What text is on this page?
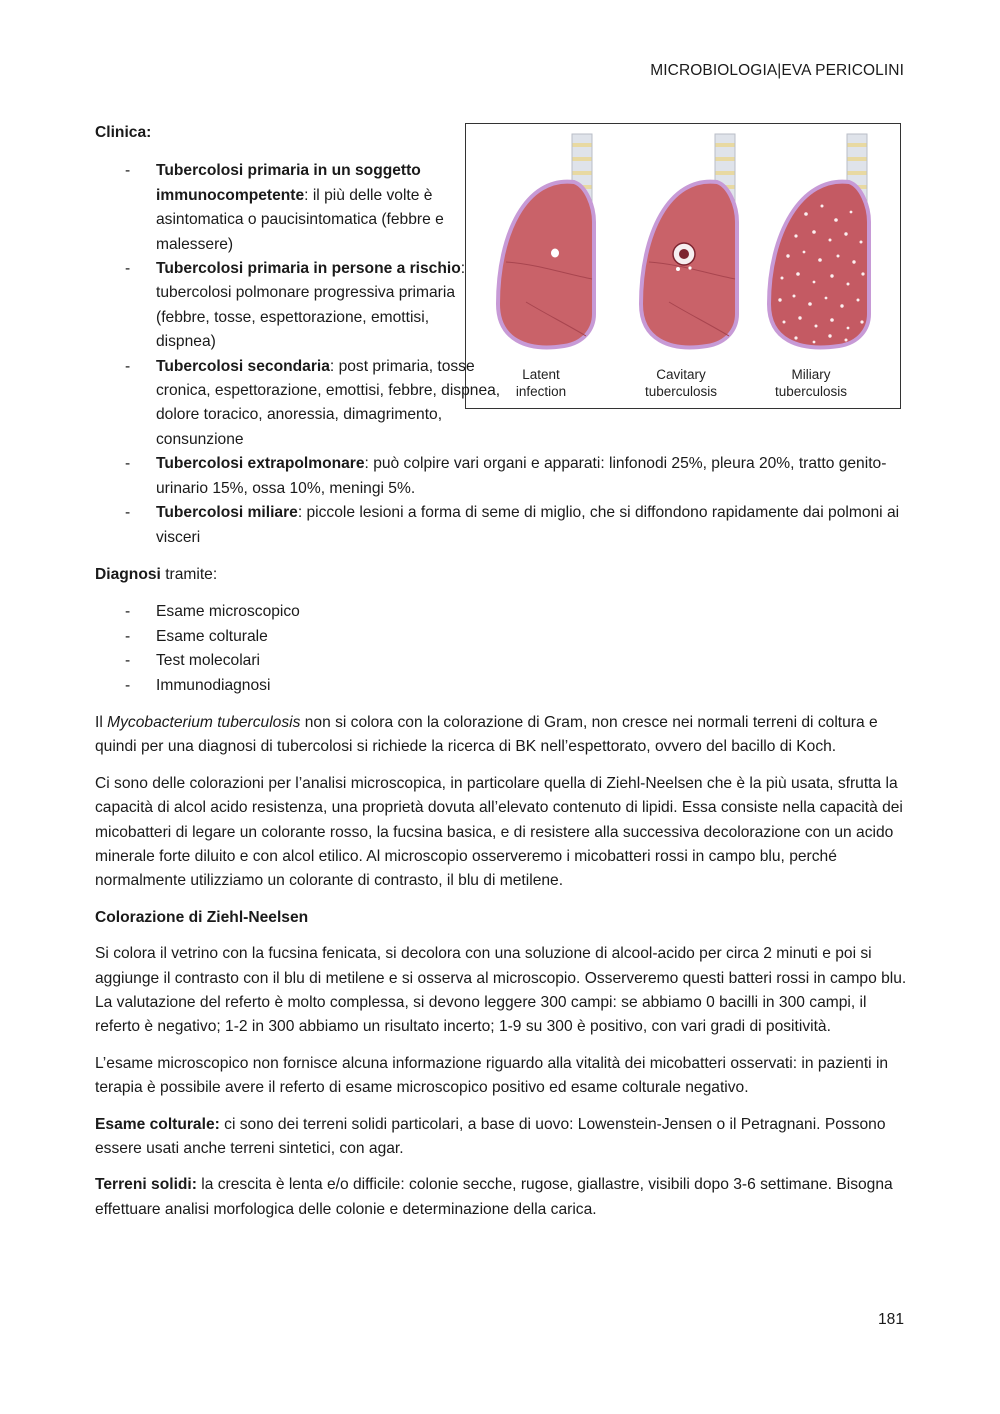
MICROBIOLOGIA|EVA PERICOLINI
Latent
infection
Cavitary
tuberculosis
Miliary
tuberculosis

Clinica:

- Tubercolosi primaria in un soggetto immunocompetente: il più delle volte è asintomatica o paucisintomatica (febbre e malessere)
- Tubercolosi primaria in persone a rischio: tubercolosi polmonare progressiva primaria (febbre, tosse, espettorazione, emottisi, dispnea)
- Tubercolosi secondaria: post primaria, tosse cronica, espettorazione, emottisi, febbre, dispnea, dolore toracico, anoressia, dimagrimento, consunzione
- Tubercolosi extrapolmonare: può colpire vari organi e apparati: linfonodi 25%, pleura 20%, tratto genito-urinario 15%, ossa 10%, meningi 5%.
- Tubercolosi miliare: piccole lesioni a forma di seme di miglio, che si diffondono rapidamente dai polmoni ai visceri

Diagnosi tramite:

- Esame microscopico
- Esame colturale
- Test molecolari
- Immunodiagnosi

Il Mycobacterium tuberculosis non si colora con la colorazione di Gram, non cresce nei normali terreni di coltura e quindi per una diagnosi di tubercolosi si richiede la ricerca di BK nell’espettorato, ovvero del bacillo di Koch.

Ci sono delle colorazioni per l’analisi microscopica, in particolare quella di Ziehl-Neelsen che è la più usata, sfrutta la capacità di alcol acido resistenza, una proprietà dovuta all’elevato contenuto di lipidi. Essa consiste nella capacità dei micobatteri di legare un colorante rosso, la fucsina basica, e di resistere alla successiva decolorazione con un acido minerale forte diluito e con alcol etilico. Al microscopio osserveremo i micobatteri rossi in campo blu, perché normalmente utilizziamo un colorante di contrasto, il blu di metilene.

Colorazione di Ziehl-Neelsen

Si colora il vetrino con la fucsina fenicata, si decolora con una soluzione di alcool-acido per circa 2 minuti e poi si aggiunge il contrasto con il blu di metilene e si osserva al microscopio. Osserveremo questi batteri rossi in campo blu. La valutazione del referto è molto complessa, si devono leggere 300 campi: se abbiamo 0 bacilli in 300 campi, il referto è negativo; 1-2 in 300 abbiamo un risultato incerto; 1-9 su 300 è positivo, con vari gradi di positività.

L’esame microscopico non fornisce alcuna informazione riguardo alla vitalità dei micobatteri osservati: in pazienti in terapia è possibile avere il referto di esame microscopico positivo ed esame colturale negativo.

Esame colturale: ci sono dei terreni solidi particolari, a base di uovo: Lowenstein-Jensen o il Petragnani. Possono essere usati anche terreni sintetici, con agar.

Terreni solidi: la crescita è lenta e/o difficile: colonie secche, rugose, giallastre, visibili dopo 3-6 settimane. Bisogna effettuare analisi morfologica delle colonie e determinazione della carica.

181
